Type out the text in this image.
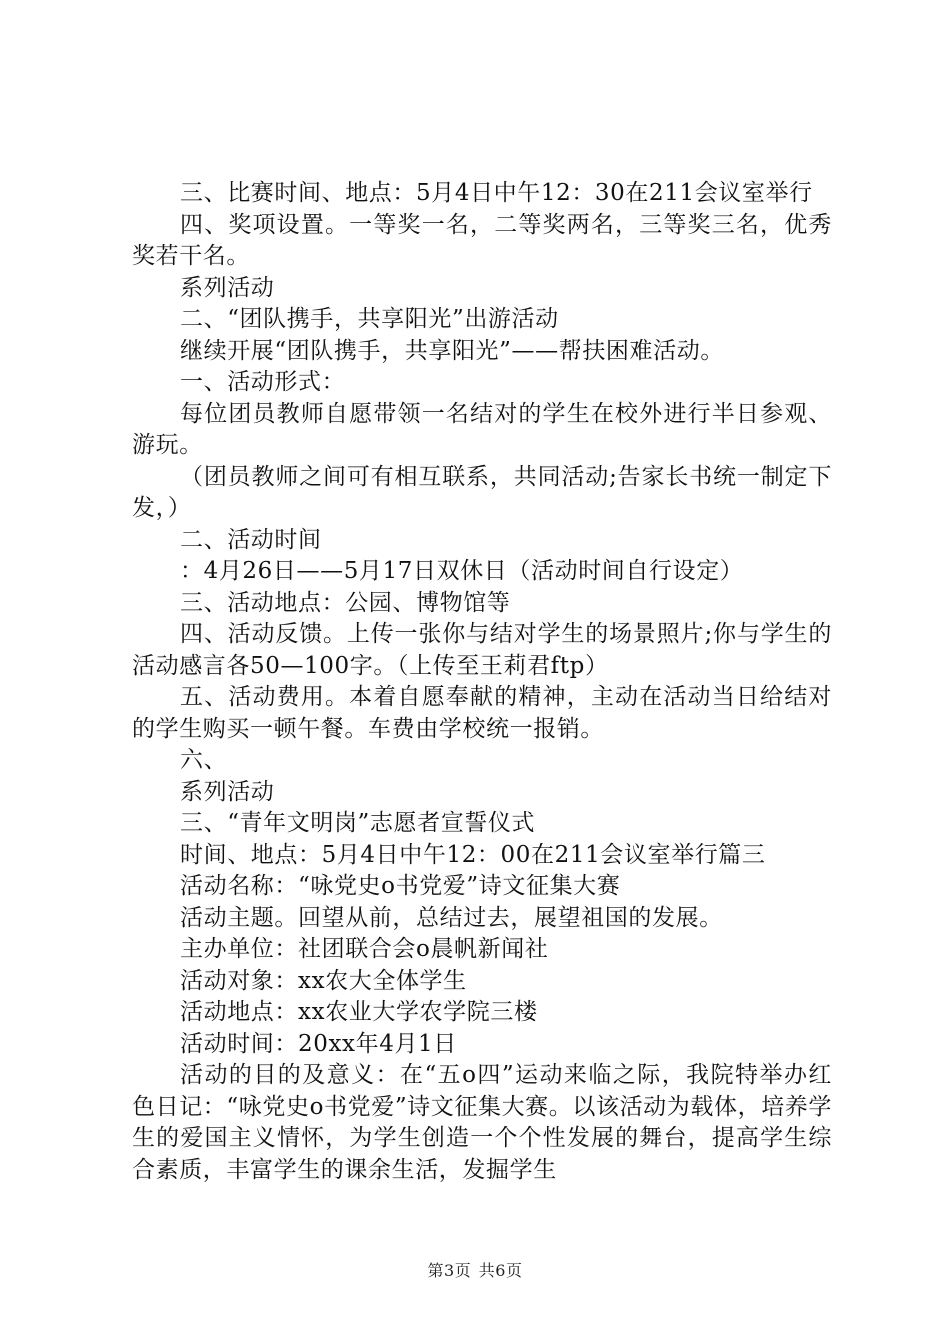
三、比赛时间、地点：5月4日中午12：30在211会议室举行

四、奖项设置。一等奖一名，二等奖两名，三等奖三名，优秀奖若干名。

系列活动

二、“团队携手，共享阳光”出游活动

继续开展“团队携手，共享阳光”——帮扶困难活动。

一、活动形式：

每位团员教师自愿带领一名结对的学生在校外进行半日参观、游玩。

（团员教师之间可有相互联系，共同活动;告家长书统一制定下发，）

二、活动时间

：4月26日——5月17日双休日（活动时间自行设定）

三、活动地点：公园、博物馆等

四、活动反馈。上传一张你与结对学生的场景照片;你与学生的活动感言各50—100字。（上传至王莉君ftp）

五、活动费用。本着自愿奉献的精神，主动在活动当日给结对的学生购买一顿午餐。车费由学校统一报销。

六、

系列活动

三、“青年文明岗”志愿者宣誓仪式

时间、地点：5月4日中午12：00在211会议室举行篇三

活动名称：“咏党史o书党爱”诗文征集大赛

活动主题。回望从前，总结过去，展望祖国的发展。

主办单位：社团联合会o晨帆新闻社

活动对象：xx农大全体学生

活动地点：xx农业大学农学院三楼

活动时间：20xx年4月1日

活动的目的及意义：在“五o四”运动来临之际，我院特举办红色日记：“咏党史o书党爱”诗文征集大赛。以该活动为载体，培养学生的爱国主义情怀，为学生创造一个个性发展的舞台，提高学生综合素质，丰富学生的课余生活，发掘学生

第3页 共6页
